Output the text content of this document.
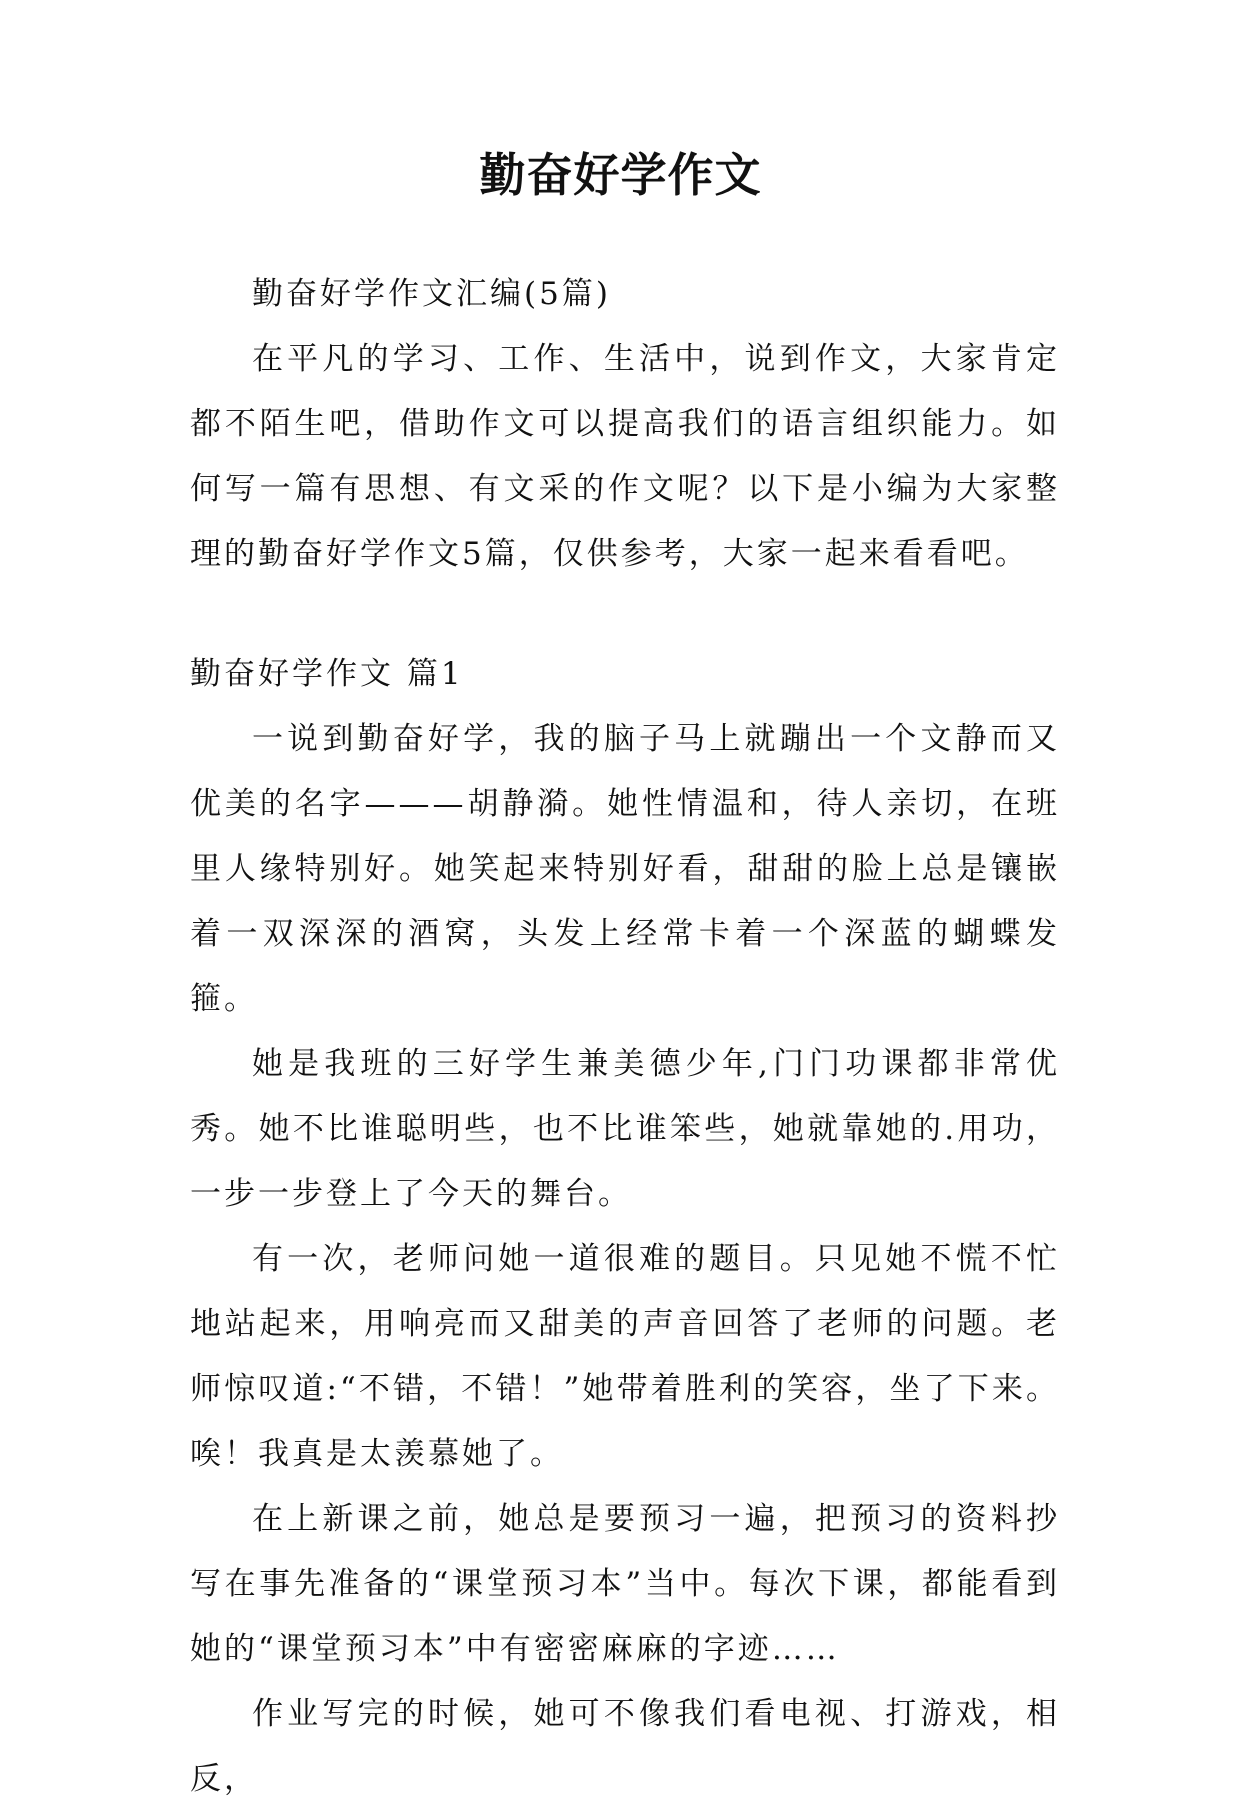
勤奋好学作文

勤奋好学作文汇编(5篇)

在平凡的学习、工作、生活中，说到作文，大家肯定都不陌生吧，借助作文可以提高我们的语言组织能力。如何写一篇有思想、有文采的作文呢？以下是小编为大家整理的勤奋好学作文5篇，仅供参考，大家一起来看看吧。

勤奋好学作文 篇1

一说到勤奋好学，我的脑子马上就蹦出一个文静而又优美的名字———胡静漪。她性情温和，待人亲切，在班里人缘特别好。她笑起来特别好看，甜甜的脸上总是镶嵌着一双深深的酒窝，头发上经常卡着一个深蓝的蝴蝶发箍。

她是我班的三好学生兼美德少年,门门功课都非常优秀。她不比谁聪明些，也不比谁笨些，她就靠她的.用功，一步一步登上了今天的舞台。

有一次，老师问她一道很难的题目。只见她不慌不忙地站起来，用响亮而又甜美的声音回答了老师的问题。老师惊叹道:“不错，不错！”她带着胜利的笑容，坐了下来。唉！我真是太羡慕她了。

在上新课之前，她总是要预习一遍，把预习的资料抄写在事先准备的“课堂预习本”当中。每次下课，都能看到她的“课堂预习本”中有密密麻麻的字迹……

作业写完的时候，她可不像我们看电视、打游戏，相反，
